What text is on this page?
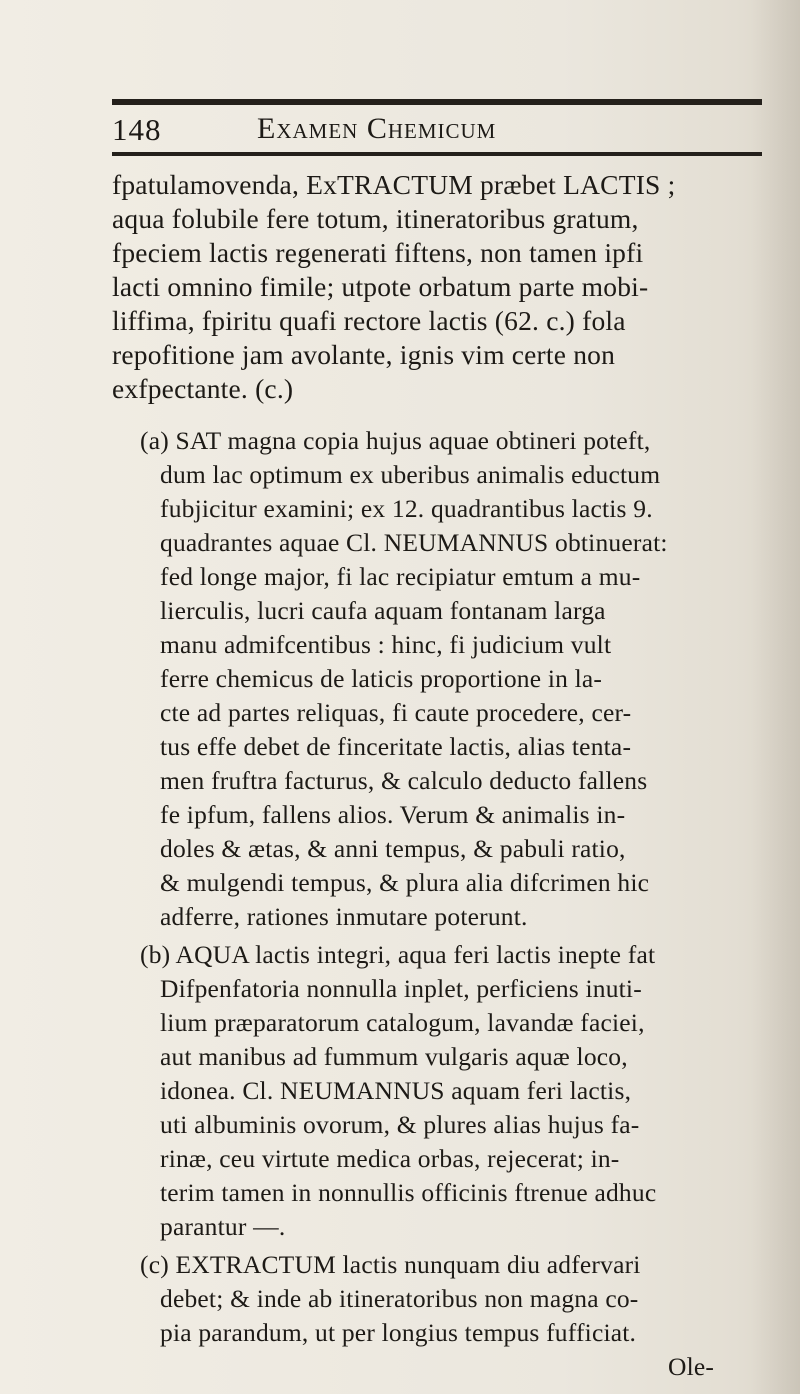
148	Examen Chemicum
fpatulamovenda, ExTRACTUM præbet LACTIS ;
aqua folubile fere totum, itineratoribus gratum,
fpeciem lactis regenerati fiftens, non tamen ipfi
lacti omnino fimile; utpote orbatum parte mobi-
liffima, fpiritu quafi rectore lactis (62. c.) fola
repofitione jam avolante, ignis vim certe non
exfpectante. (c.)
(a) SAT magna copia hujus aquae obtineri poteft,
dum lac optimum ex uberibus animalis eductum
fubjicitur examini; ex 12. quadrantibus lactis 9.
quadrantes aquae Cl. NEUMANNUS obtinuerat:
fed longe major, fi lac recipiatur emtum a mu-
lierculis, lucri caufa aquam fontanam larga
manu admifcentibus : hinc, fi judicium vult
ferre chemicus de laticis proportione in la-
cte ad partes reliquas, fi caute procedere, cer-
tus effe debet de finceritate lactis, alias tenta-
men fruftra facturus, & calculo deducto fallens
fe ipfum, fallens alios. Verum & animalis in-
doles & ætas, & anni tempus, & pabuli ratio,
& mulgendi tempus, & plura alia difcrimen hic
adferre, rationes inmutare poterunt.
(b) AQUA lactis integri, aqua feri lactis inepte fat
Difpenfatoria nonnulla inplet, perficiens inuti-
lium præparatorum catalogum, lavandæ faciei,
aut manibus ad fummum vulgaris aquæ loco,
idonea. Cl. NEUMANNUS aquam feri lactis,
uti albuminis ovorum, & plures alias hujus fa-
rinæ, ceu virtute medica orbas, rejecerat; in-
terim tamen in nonnullis officinis ftrenue adhuc
parantur —.
(c) EXTRACTUM lactis nunquam diu adfervari
debet; & inde ab itineratoribus non magna co-
pia parandum, ut per longius tempus fufficiat.
Ole-
